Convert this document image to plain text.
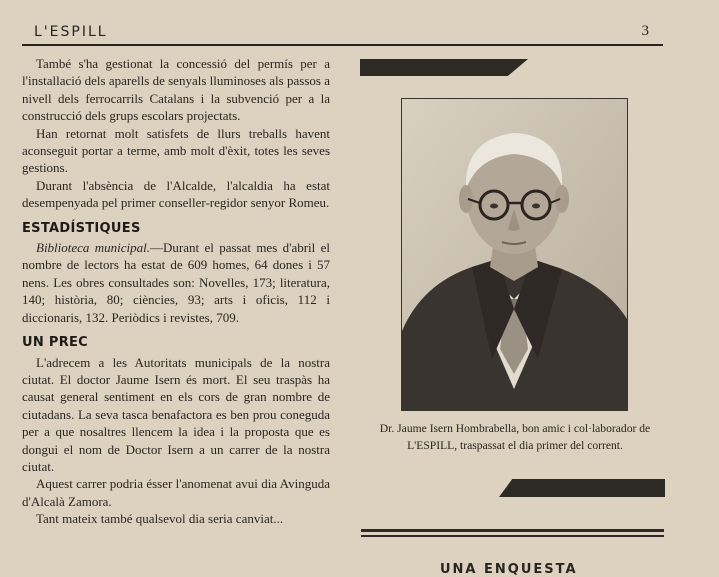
L'ESPILL	3

També s'ha gestionat la concessió del permís per a l'installació dels aparells de senyals lluminoses als passos a nivell dels ferrocarrils Catalans i la subvenció per a la construcció dels grups escolars projectats.

Han retornat molt satisfets de llurs treballs havent aconseguit portar a terme, amb molt d'èxit, totes les seves gestions.

Durant l'absència de l'Alcalde, l'alcaldia ha estat desempenyada pel primer conseller-regidor senyor Romeu.

ESTADÍSTIQUES

Biblioteca municipal.—Durant el passat mes d'abril el nombre de lectors ha estat de 609 homes, 64 dones i 57 nens. Les obres consultades son: Novelles, 173; literatura, 140; història, 80; ciències, 93; arts i oficis, 112 i diccionaris, 132. Periòdics i revistes, 709.

UN PREC

L'adrecem a les Autoritats municipals de la nostra ciutat. El doctor Jaume Isern és mort. El seu traspàs ha causat general sentiment en els cors de gran nombre de ciutadans. La seva tasca benafactora es ben prou coneguda per a que nosaltres llencem la idea i la proposta que es dongui el nom de Doctor Isern a un carrer de la nostra ciutat.

Aquest carrer podria ésser l'anomenat avui dia Avinguda d'Alcalà Zamora.

Tant mateix també qualsevol dia seria canviat...

Dr. Jaume Isern Hombrabella, bon amic i col·laborador de L'ESPILL, traspassat el dia primer del corrent.
UNA ENQUESTA
